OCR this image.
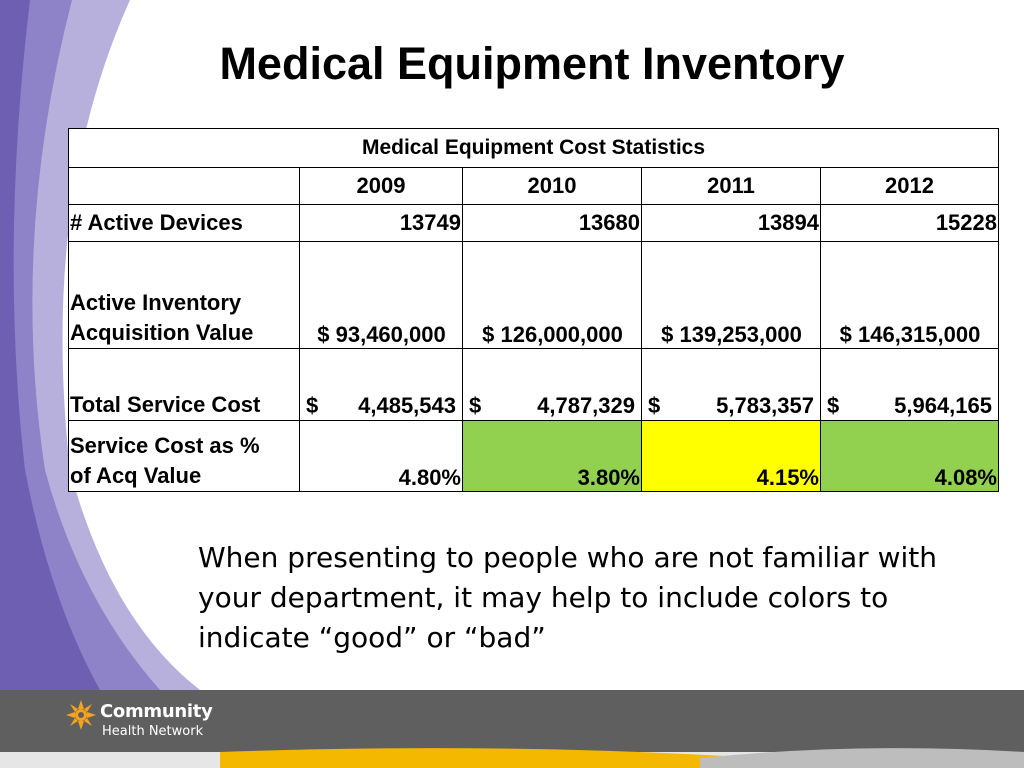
Medical Equipment Inventory
Medical Equipment Cost Statistics				
	2009	2010	2011	2012
# Active Devices	13749	13680	13894	15228
Active Inventory
Acquisition Value	$ 93,460,000	$ 126,000,000	$ 139,253,000	$ 146,315,000
Total Service Cost	$ 4,485,543	$ 4,787,329	$ 5,783,357	$ 5,964,165

Service Cost as %
of Acq Value	4.80%	3.80%	4.15%	4.08%

When presenting to people who are not familiar with your department, it may help to include colors to indicate “good” or “bad”

Community
Health Network
